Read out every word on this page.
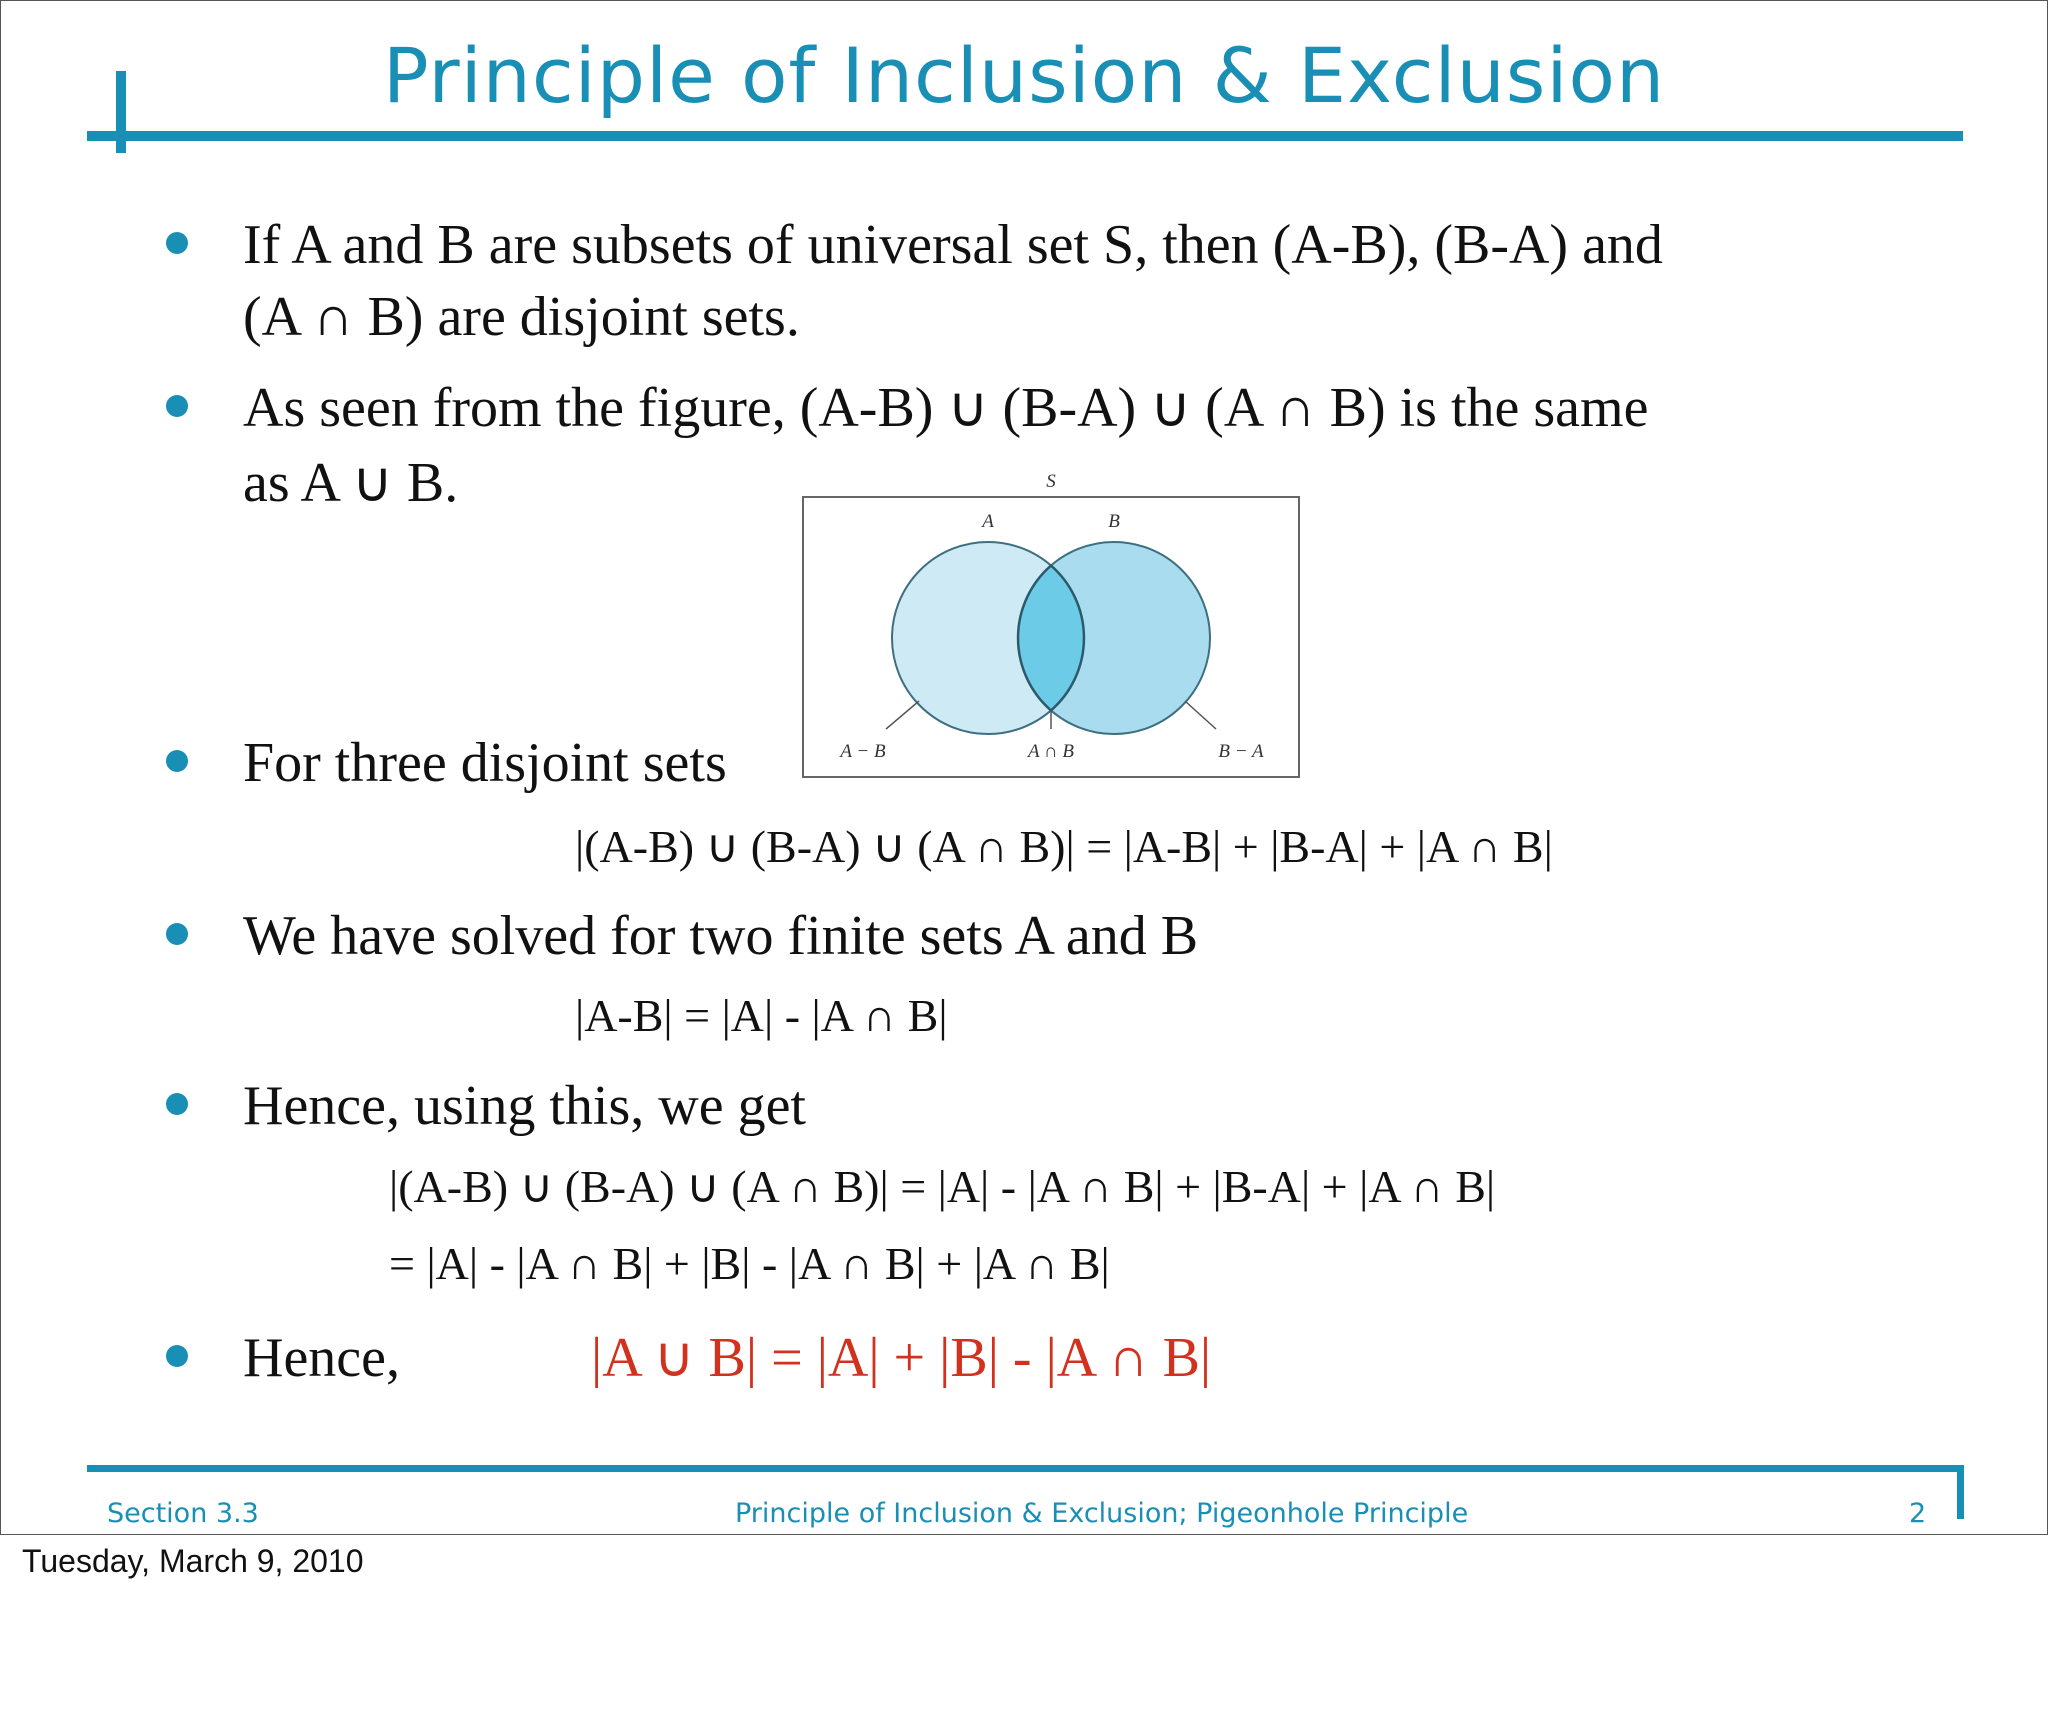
Principle of Inclusion & Exclusion
If A and B are subsets of universal set S, then (A-B), (B-A) and
(A ∩ B) are disjoint sets.
As seen from the figure, (A-B) ∪ (B-A) ∪ (A ∩ B) is the same
as A ∪ B.	S
A	B
A − B	A ∩ B	B − A
For three disjoint sets
|(A-B) ∪ (B-A) ∪ (A ∩ B)| = |A-B| + |B-A| + |A ∩ B|
We have solved for two finite sets A and B
|A-B| = |A| - |A ∩ B|
Hence, using this, we get
|(A-B) ∪ (B-A) ∪ (A ∩ B)| = |A| - |A ∩ B| + |B-A| + |A ∩ B|
= |A| - |A ∩ B| + |B| - |A ∩ B| + |A ∩ B|
Hence,	|A ∪ B| = |A| + |B| - |A ∩ B|
Section 3.3	Principle of Inclusion & Exclusion; Pigeonhole Principle	2
Tuesday, March 9, 2010
